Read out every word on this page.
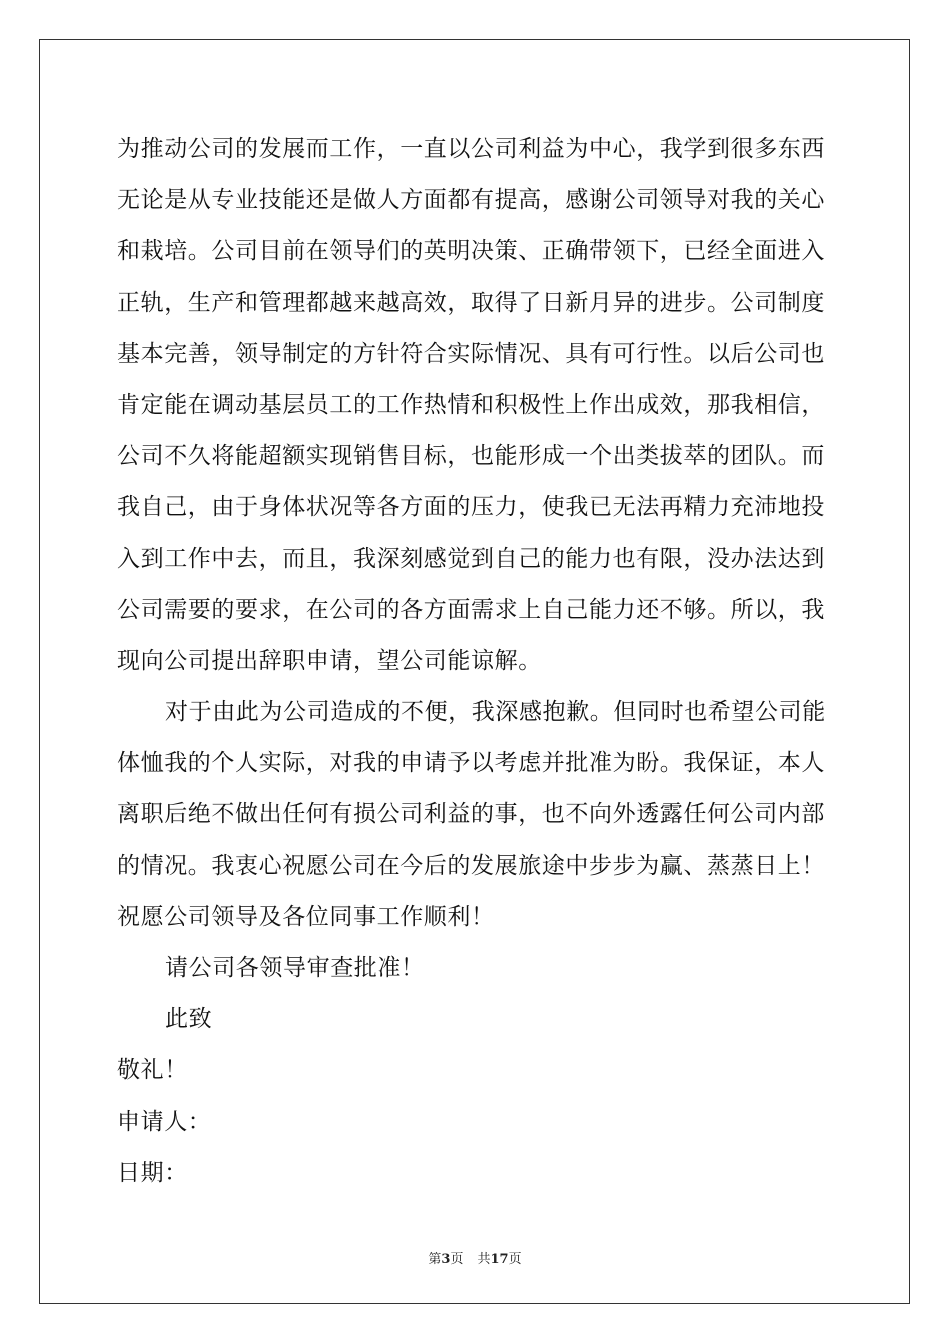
为推动公司的发展而工作，一直以公司利益为中心，我学到很多东西
无论是从专业技能还是做人方面都有提高，感谢公司领导对我的关心
和栽培。公司目前在领导们的英明决策、正确带领下，已经全面进入
正轨，生产和管理都越来越高效，取得了日新月异的进步。公司制度
基本完善，领导制定的方针符合实际情况、具有可行性。以后公司也
肯定能在调动基层员工的工作热情和积极性上作出成效，那我相信，
公司不久将能超额实现销售目标，也能形成一个出类拔萃的团队。而
我自己，由于身体状况等各方面的压力，使我已无法再精力充沛地投
入到工作中去，而且，我深刻感觉到自己的能力也有限，没办法达到
公司需要的要求，在公司的各方面需求上自己能力还不够。所以，我
现向公司提出辞职申请，望公司能谅解。
对于由此为公司造成的不便，我深感抱歉。但同时也希望公司能
体恤我的个人实际，对我的申请予以考虑并批准为盼。我保证，本人
离职后绝不做出任何有损公司利益的事，也不向外透露任何公司内部
的情况。我衷心祝愿公司在今后的发展旅途中步步为赢、蒸蒸日上！
祝愿公司领导及各位同事工作顺利！
请公司各领导审查批准！
此致
敬礼！
申请人：
日期：
第3页 共17页
